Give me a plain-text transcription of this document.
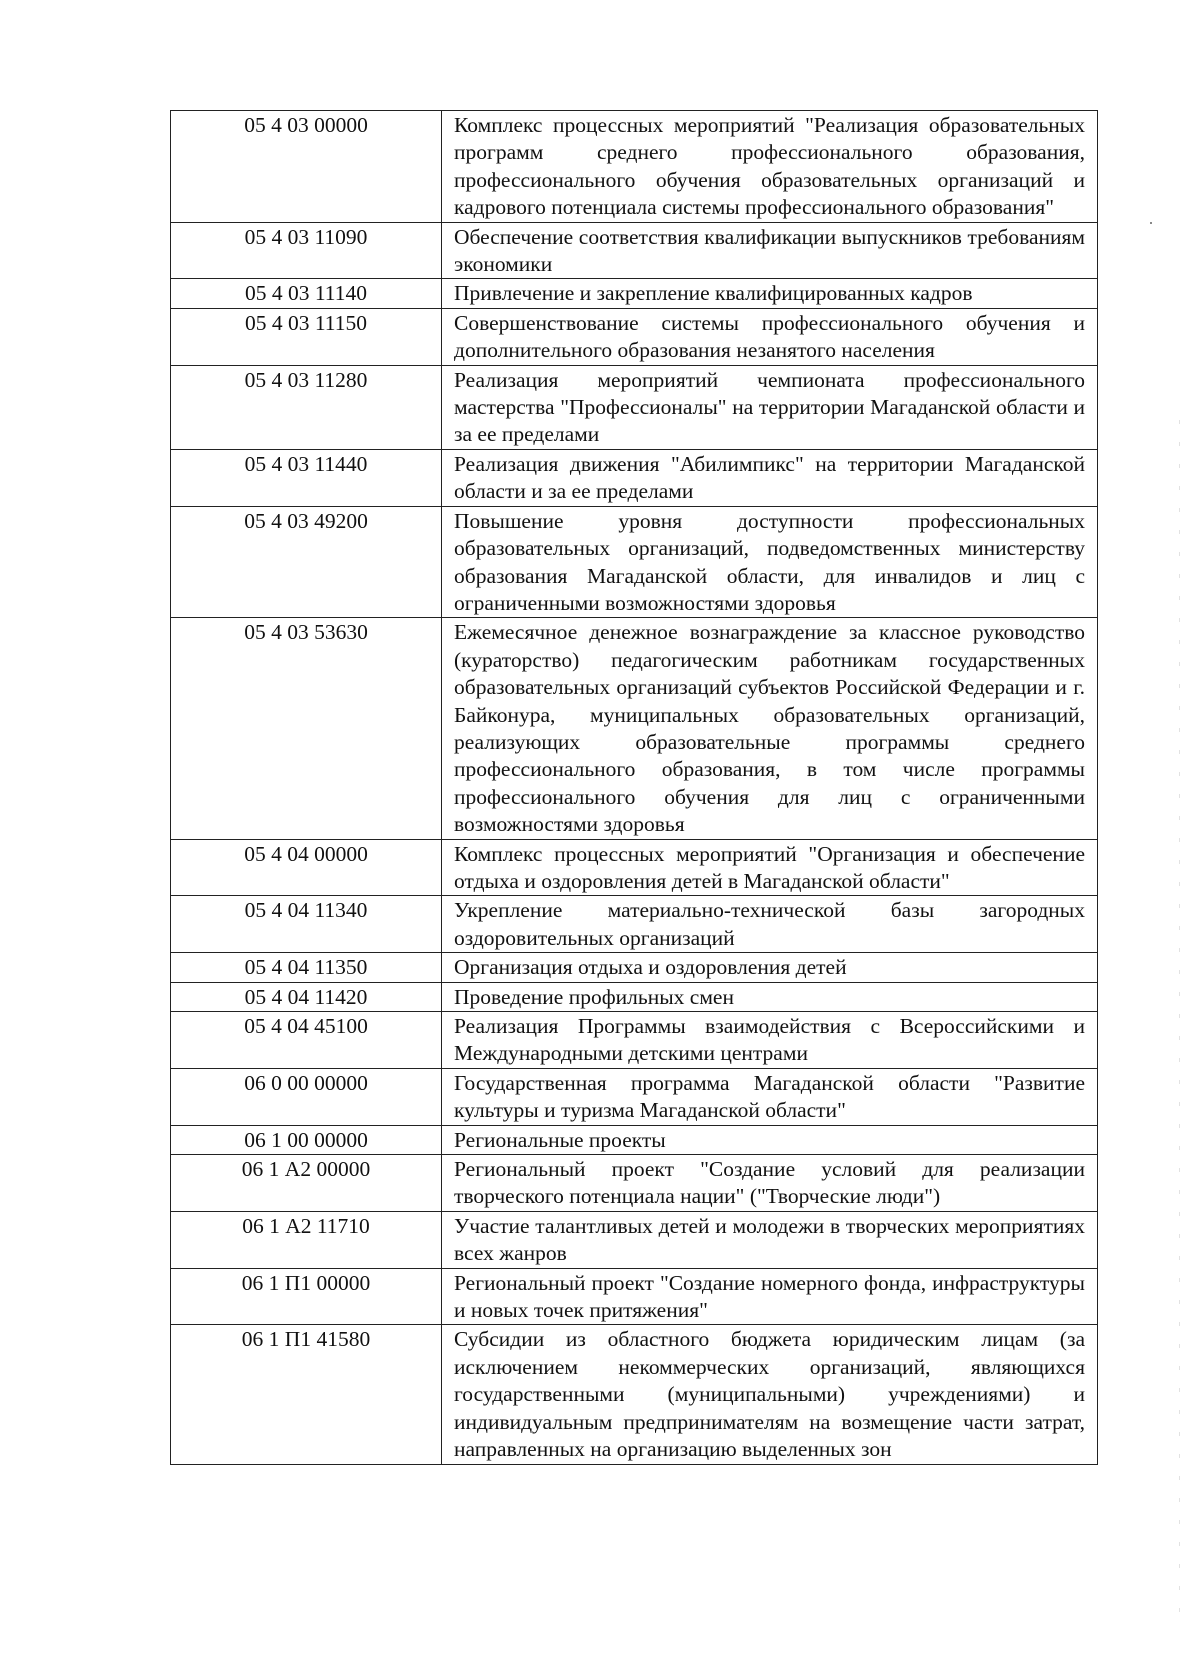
05 4 03 00000	Комплекс процессных мероприятий "Реализация образовательных программ среднего профессионального образования, профессионального обучения образовательных организаций и кадрового потенциала системы профессионального образования"
05 4 03 11090	Обеспечение соответствия квалификации выпускников требованиям экономики
05 4 03 11140	Привлечение и закрепление квалифицированных кадров
05 4 03 11150	Совершенствование системы профессионального обучения и дополнительного образования незанятого населения
05 4 03 11280	Реализация мероприятий чемпионата профессионального мастерства "Профессионалы" на территории Магаданской области и за ее пределами
05 4 03 11440	Реализация движения "Абилимпикс" на территории Магаданской области и за ее пределами
05 4 03 49200	Повышение уровня доступности профессиональных образовательных организаций, подведомственных министерству образования Магаданской области, для инвалидов и лиц с ограниченными возможностями здоровья
05 4 03 53630	Ежемесячное денежное вознаграждение за классное руководство (кураторство) педагогическим работникам государственных образовательных организаций субъектов Российской Федерации и г. Байконура, муниципальных образовательных организаций, реализующих образовательные программы среднего профессионального образования, в том числе программы профессионального обучения для лиц с ограниченными возможностями здоровья
05 4 04 00000	Комплекс процессных мероприятий "Организация и обеспечение отдыха и оздоровления детей в Магаданской области"
05 4 04 11340	Укрепление материально-технической базы загородных оздоровительных организаций
05 4 04 11350	Организация отдыха и оздоровления детей
05 4 04 11420	Проведение профильных смен
05 4 04 45100	Реализация Программы взаимодействия с Всероссийскими и Международными детскими центрами
06 0 00 00000	Государственная программа Магаданской области "Развитие культуры и туризма Магаданской области"
06 1 00 00000	Региональные проекты
06 1 А2 00000	Региональный проект "Создание условий для реализации творческого потенциала нации" ("Творческие люди")
06 1 А2 11710	Участие талантливых детей и молодежи в творческих мероприятиях всех жанров
06 1 П1 00000	Региональный проект "Создание номерного фонда, инфраструктуры и новых точек притяжения"
06 1 П1 41580	Субсидии из областного бюджета юридическим лицам (за исключением некоммерческих организаций, являющихся государственными (муниципальными) учреждениями) и индивидуальным предпринимателям на возмещение части затрат, направленных на организацию выделенных зон
